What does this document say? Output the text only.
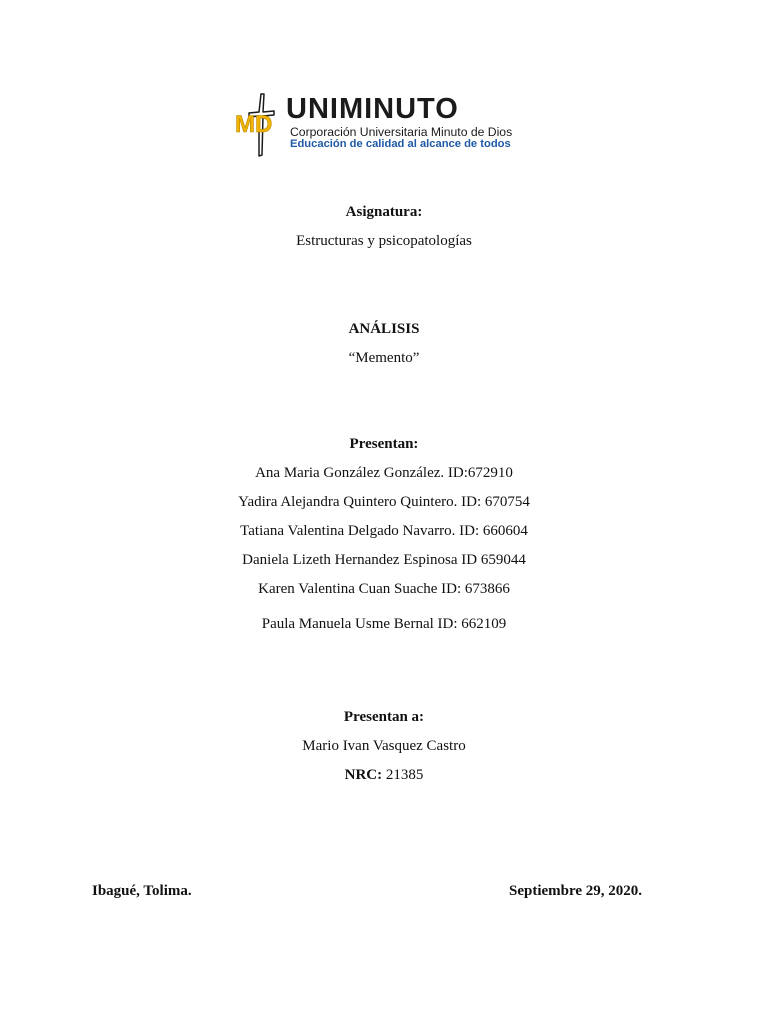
MD UNIMINUTO
Corporación Universitaria Minuto de Dios
Educación de calidad al alcance de todos
Asignatura:
Estructuras y psicopatologías
ANÁLISIS
“Memento”
Presentan:
Ana Maria González González. ID:672910
Yadira Alejandra Quintero Quintero. ID: 670754
Tatiana Valentina Delgado Navarro. ID: 660604
Daniela Lizeth Hernandez Espinosa ID 659044
Karen Valentina Cuan Suache ID: 673866
Paula Manuela Usme Bernal ID: 662109
Presentan a:
Mario Ivan Vasquez Castro
NRC: 21385
Ibagué, Tolima.	Septiembre 29, 2020.
